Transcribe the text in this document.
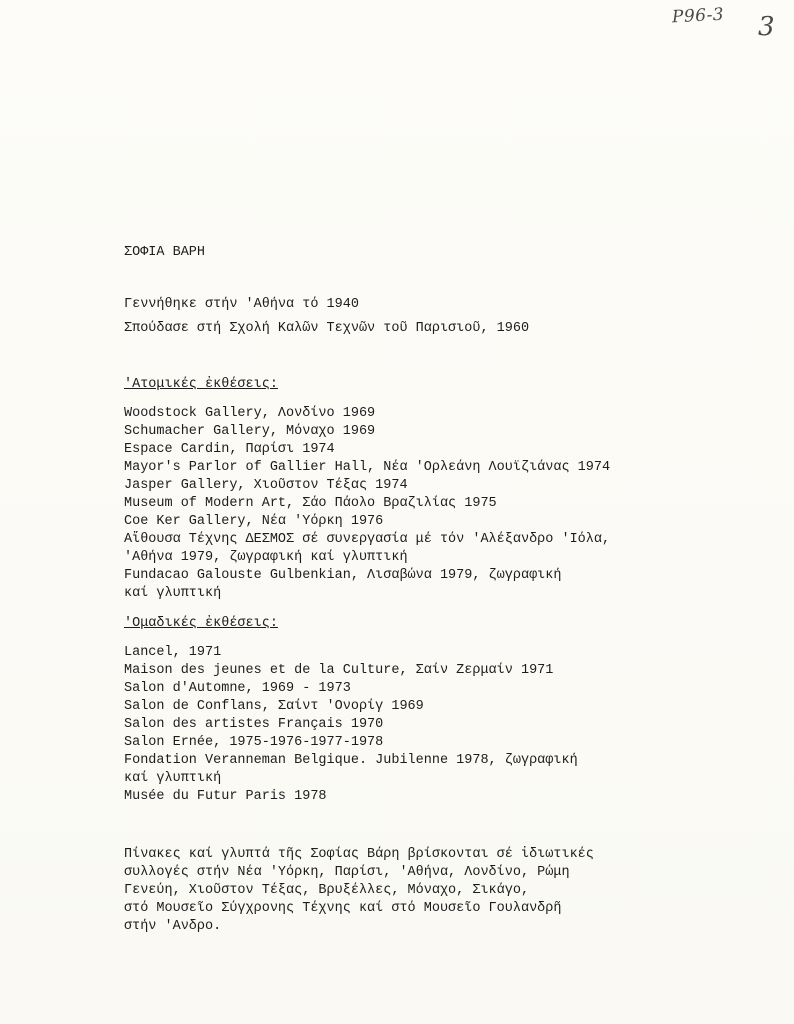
P96-3 3
ΣΟΦΙΑ ΒΑΡΗ
Γεννήθηκε στήν 'Αθήνα τό 1940
Σπούδασε στή Σχολή Καλῶν Τεχνῶν τοῦ Παρισιοῦ, 1960
'Ατομικές ἐκθέσεις:
Woodstock Gallery, Λονδίνο 1969
Schumacher Gallery, Μόναχο 1969
Espace Cardin, Παρίσι 1974
Mayor's Parlor of Gallier Hall, Νέα 'Ορλεάνη Λουϊζιάνας 1974
Jasper Gallery, Χιοῦστον Τέξας 1974
Museum of Modern Art, Σάο Πάολο Βραζιλίας 1975
Coe Ker Gallery, Νέα 'Υόρκη 1976
Αἴθουσα Τέχνης ΔΕΣΜΟΣ σέ συνεργασία μέ τόν 'Αλέξανδρο 'Ιόλα,
'Αθήνα 1979, ζωγραφική καί γλυπτική
Fundacao Galouste Gulbenkian, Λισαβώνα 1979, ζωγραφική
καί γλυπτική
'Ομαδικές ἐκθέσεις:
Lancel, 1971
Maison des jeunes et de la Culture, Σαίν Ζερμαίν 1971
Salon d'Automne, 1969 - 1973
Salon de Conflans, Σαίντ 'Ονορίγ 1969
Salon des artistes Français 1970
Salon Ernée, 1975-1976-1977-1978
Fondation Veranneman Belgique. Jubilenne 1978, ζωγραφική
καί γλυπτική
Musée du Futur Paris 1978
Πίνακες καί γλυπτά τῆς Σοφίας Βάρη βρίσκονται σέ ἰδιωτικές
συλλογές στήν Νέα 'Υόρκη, Παρίσι, 'Αθήνα, Λονδίνο, Ρώμη
Γενεύη, Χιοῦστον Τέξας, Βρυξέλλες, Μόναχο, Σικάγο,
στό Μουσεῖο Σύγχρονης Τέχνης καί στό Μουσεῖο Γουλανδρῆ
στήν 'Ανδρο.
